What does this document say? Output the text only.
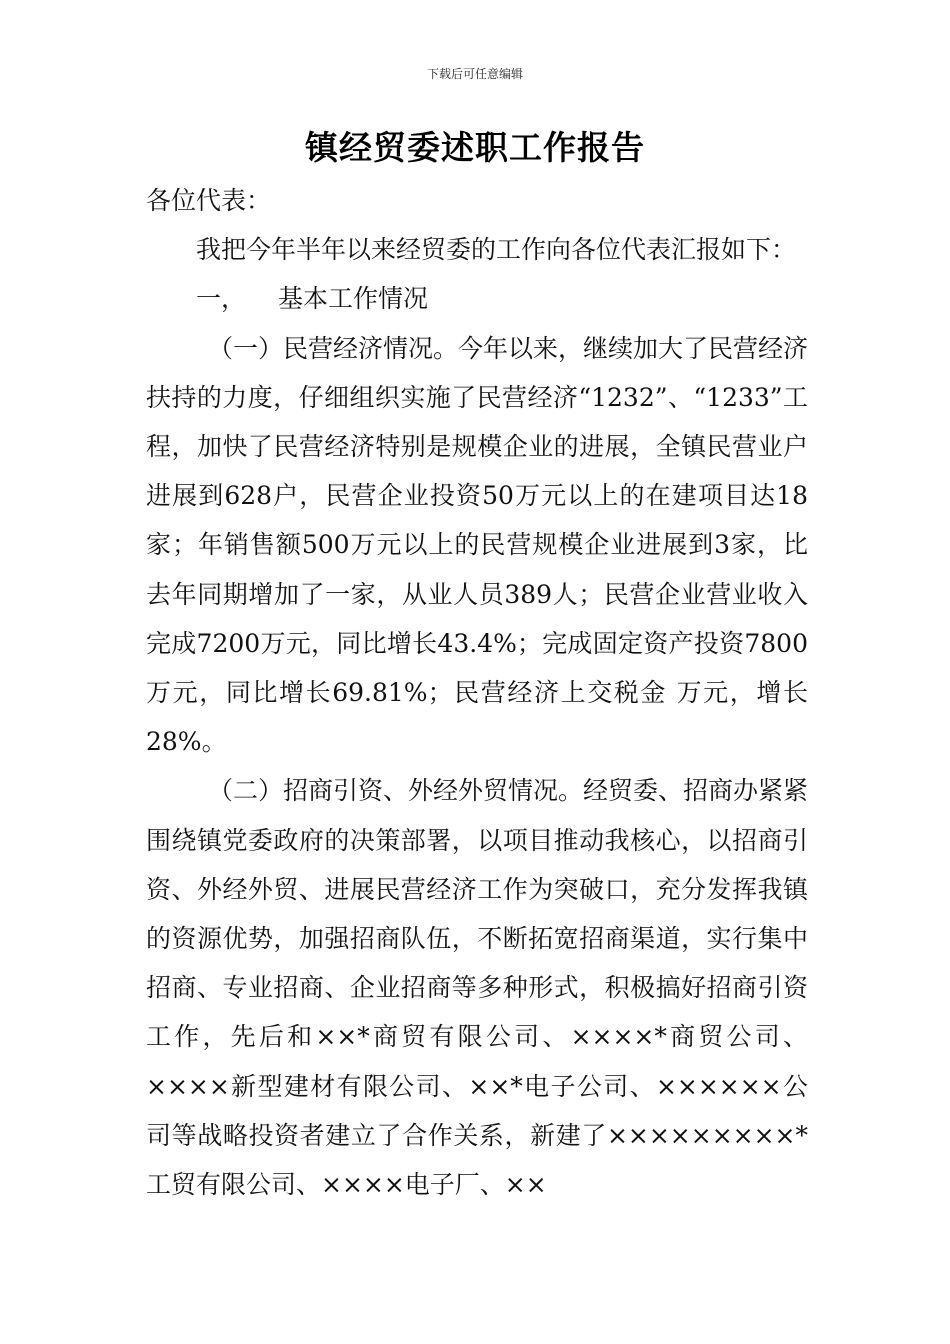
下载后可任意编辑
镇经贸委述职工作报告

各位代表：

我把今年半年以来经贸委的工作向各位代表汇报如下：

一， 基本工作情况

（一）民营经济情况。今年以来，继续加大了民营经济扶持的力度，仔细组织实施了民营经济“1232”、“1233”工程，加快了民营经济特别是规模企业的进展，全镇民营业户进展到628户，民营企业投资50万元以上的在建项目达18家；年销售额500万元以上的民营规模企业进展到3家，比去年同期增加了一家，从业人员389人；民营企业营业收入完成7200万元，同比增长43.4%；完成固定资产投资7800万元，同比增长69.81%；民营经济上交税金 万元，增长28%。

（二）招商引资、外经外贸情况。经贸委、招商办紧紧围绕镇党委政府的决策部署，以项目推动我核心，以招商引资、外经外贸、进展民营经济工作为突破口，充分发挥我镇的资源优势，加强招商队伍，不断拓宽招商渠道，实行集中招商、专业招商、企业招商等多种形式，积极搞好招商引资工作，先后和××*商贸有限公司、××××*商贸公司、××××新型建材有限公司、××*电子公司、××××××公司等战略投资者建立了合作关系，新建了×××××××××*工贸有限公司、××××电子厂、××
